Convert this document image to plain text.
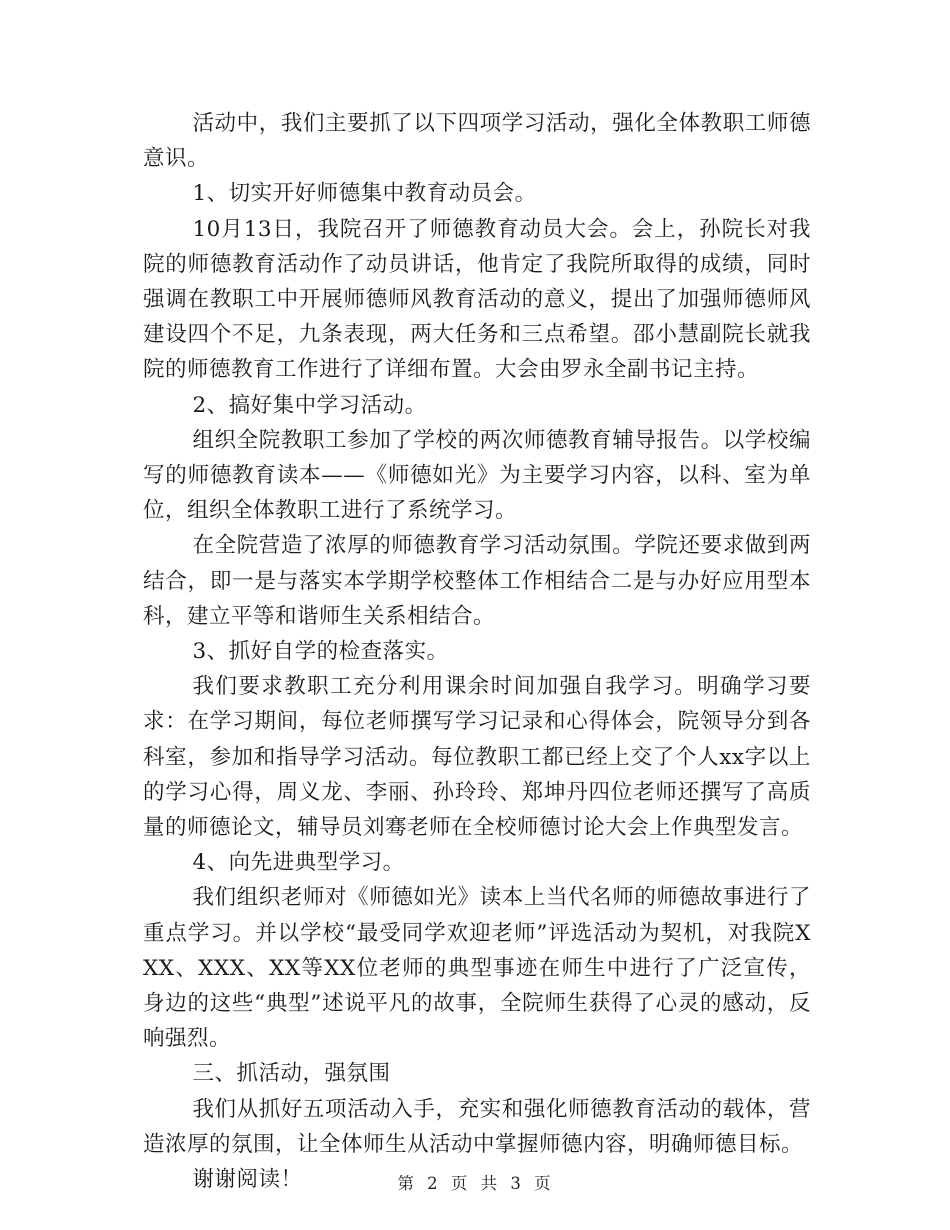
活动中，我们主要抓了以下四项学习活动，强化全体教职工师德意识。

1、切实开好师德集中教育动员会。

10月13日，我院召开了师德教育动员大会。会上，孙院长对我院的师德教育活动作了动员讲话，他肯定了我院所取得的成绩，同时强调在教职工中开展师德师风教育活动的意义，提出了加强师德师风建设四个不足，九条表现，两大任务和三点希望。邵小慧副院长就我院的师德教育工作进行了详细布置。大会由罗永全副书记主持。

2、搞好集中学习活动。

组织全院教职工参加了学校的两次师德教育辅导报告。以学校编写的师德教育读本——《师德如光》为主要学习内容，以科、室为单位，组织全体教职工进行了系统学习。

在全院营造了浓厚的师德教育学习活动氛围。学院还要求做到两结合，即一是与落实本学期学校整体工作相结合二是与办好应用型本科，建立平等和谐师生关系相结合。

3、抓好自学的检查落实。

我们要求教职工充分利用课余时间加强自我学习。明确学习要求：在学习期间，每位老师撰写学习记录和心得体会，院领导分到各科室，参加和指导学习活动。每位教职工都已经上交了个人xx字以上的学习心得，周义龙、李丽、孙玲玲、郑坤丹四位老师还撰写了高质量的师德论文，辅导员刘骞老师在全校师德讨论大会上作典型发言。

4、向先进典型学习。

我们组织老师对《师德如光》读本上当代名师的师德故事进行了重点学习。并以学校“最受同学欢迎老师”评选活动为契机，对我院XXX、XXX、XX等XX位老师的典型事迹在师生中进行了广泛宣传，身边的这些“典型”述说平凡的故事，全院师生获得了心灵的感动，反响强烈。

三、抓活动，强氛围

我们从抓好五项活动入手，充实和强化师德教育活动的载体，营造浓厚的氛围，让全体师生从活动中掌握师德内容，明确师德目标。

谢谢阅读！	第 2 页 共 3 页
